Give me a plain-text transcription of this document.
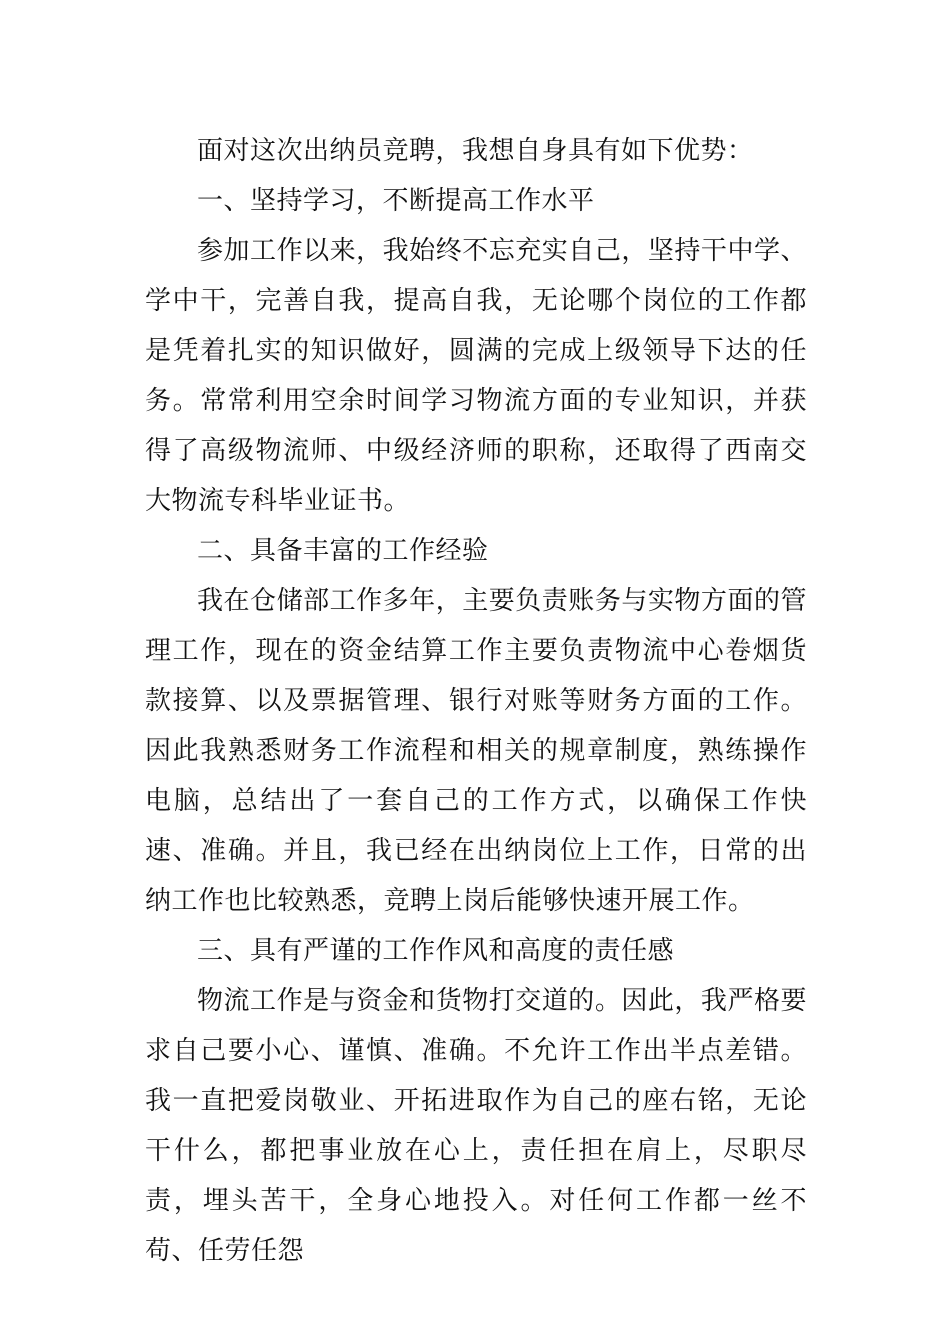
面对这次出纳员竞聘，我想自身具有如下优势：

一、坚持学习，不断提高工作水平

参加工作以来，我始终不忘充实自己，坚持干中学、学中干，完善自我，提高自我，无论哪个岗位的工作都是凭着扎实的知识做好，圆满的完成上级领导下达的任务。常常利用空余时间学习物流方面的专业知识，并获得了高级物流师、中级经济师的职称，还取得了西南交大物流专科毕业证书。

二、具备丰富的工作经验

我在仓储部工作多年，主要负责账务与实物方面的管理工作，现在的资金结算工作主要负责物流中心卷烟货款接算、以及票据管理、银行对账等财务方面的工作。因此我熟悉财务工作流程和相关的规章制度，熟练操作电脑，总结出了一套自己的工作方式，以确保工作快速、准确。并且，我已经在出纳岗位上工作，日常的出纳工作也比较熟悉，竞聘上岗后能够快速开展工作。

三、具有严谨的工作作风和高度的责任感

物流工作是与资金和货物打交道的。因此，我严格要求自己要小心、谨慎、准确。不允许工作出半点差错。我一直把爱岗敬业、开拓进取作为自己的座右铭，无论干什么，都把事业放在心上，责任担在肩上，尽职尽责，埋头苦干，全身心地投入。对任何工作都一丝不苟、任劳任怨
